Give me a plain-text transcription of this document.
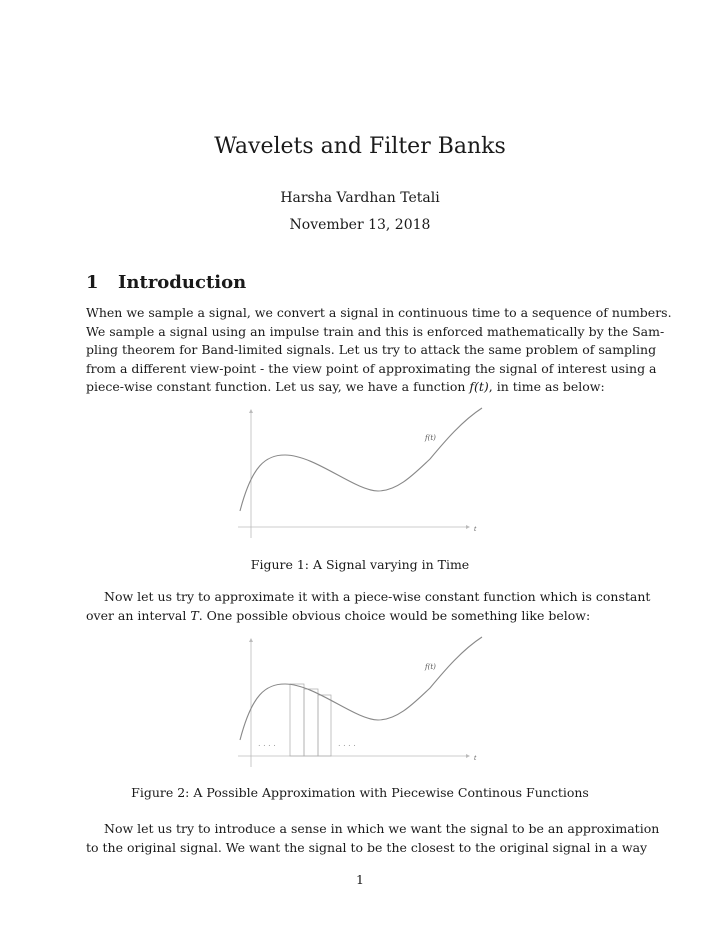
Wavelets and Filter Banks
Harsha Vardhan Tetali
November 13, 2018
1 Introduction
When we sample a signal, we convert a signal in continuous time to a sequence of numbers.
We sample a signal using an impulse train and this is enforced mathematically by the Sam-
pling theorem for Band-limited signals. Let us try to attack the same problem of sampling
from a different view-point - the view point of approximating the signal of interest using a
piece-wise constant function. Let us say, we have a function f(t), in time as below:
f(t)
t
Figure 1: A Signal varying in Time
Now let us try to approximate it with a piece-wise constant function which is constant
over an interval T. One possible obvious choice would be something like below:
. . . .	. . . .
f(t)
t
Figure 2: A Possible Approximation with Piecewise Continous Functions
Now let us try to introduce a sense in which we want the signal to be an approximation
to the original signal. We want the signal to be the closest to the original signal in a way
1
